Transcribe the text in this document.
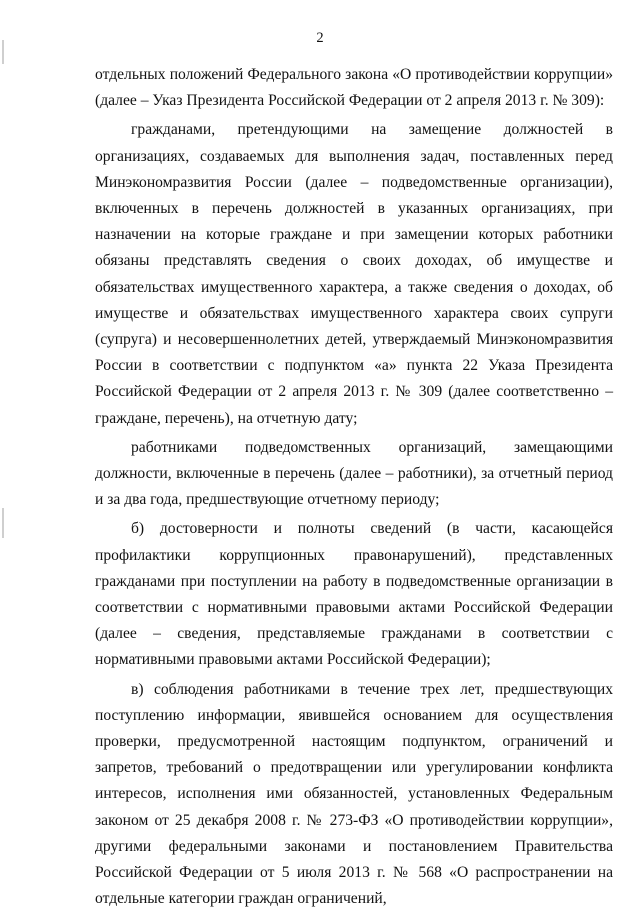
2

отдельных положений Федерального закона «О противодействии коррупции» (далее – Указ Президента Российской Федерации от 2 апреля 2013 г. № 309):

гражданами, претендующими на замещение должностей в организациях, создаваемых для выполнения задач, поставленных перед Минэкономразвития России (далее – подведомственные организации), включенных в перечень должностей в указанных организациях, при назначении на которые граждане и при замещении которых работники обязаны представлять сведения о своих доходах, об имуществе и обязательствах имущественного характера, а также сведения о доходах, об имуществе и обязательствах имущественного характера своих супруги (супруга) и несовершеннолетних детей, утверждаемый Минэкономразвития России в соответствии с подпунктом «а» пункта 22 Указа Президента Российской Федерации от 2 апреля 2013 г. № 309 (далее соответственно – граждане, перечень), на отчетную дату;

работниками подведомственных организаций, замещающими должности, включенные в перечень (далее – работники), за отчетный период и за два года, предшествующие отчетному периоду;

б) достоверности и полноты сведений (в части, касающейся профилактики коррупционных правонарушений), представленных гражданами при поступлении на работу в подведомственные организации в соответствии с нормативными правовыми актами Российской Федерации (далее – сведения, представляемые гражданами в соответствии с нормативными правовыми актами Российской Федерации);

в) соблюдения работниками в течение трех лет, предшествующих поступлению информации, явившейся основанием для осуществления проверки, предусмотренной настоящим подпунктом, ограничений и запретов, требований о предотвращении или урегулировании конфликта интересов, исполнения ими обязанностей, установленных Федеральным законом от 25 декабря 2008 г. № 273-ФЗ «О противодействии коррупции», другими федеральными законами и постановлением Правительства Российской Федерации от 5 июля 2013 г. № 568 «О распространении на отдельные категории граждан ограничений,
